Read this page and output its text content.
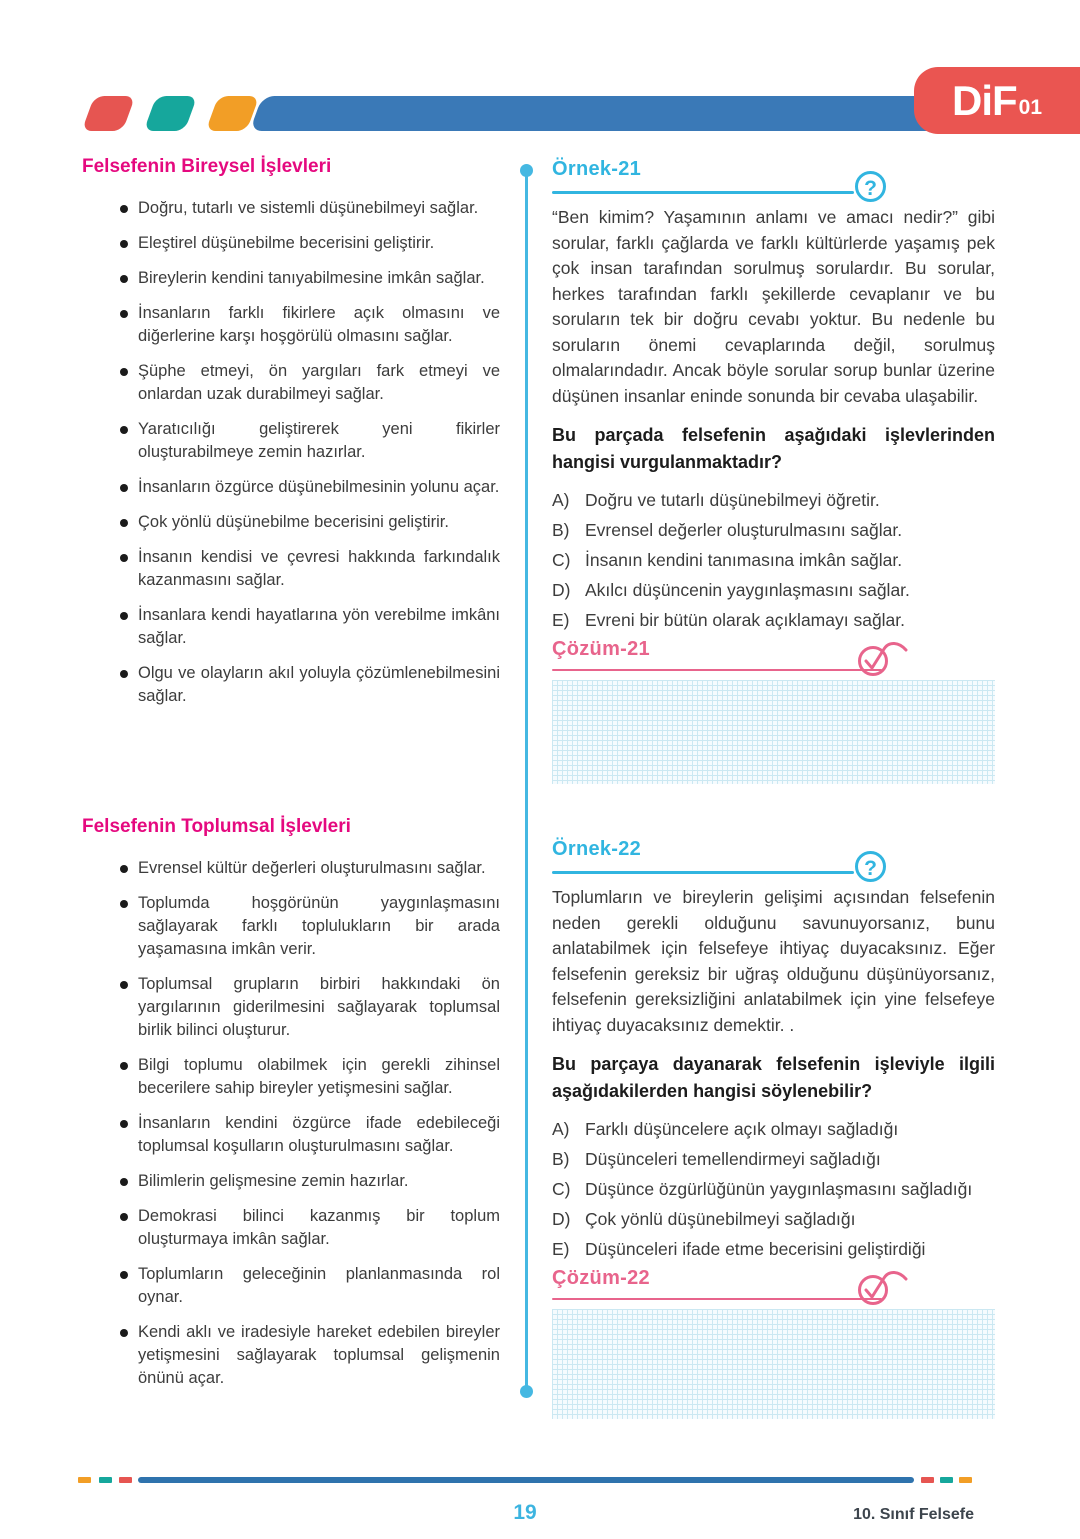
DiF 01
Felsefenin Bireysel İşlevleri
Doğru, tutarlı ve sistemli düşünebilmeyi sağlar.
Eleştirel düşünebilme becerisini geliştirir.
Bireylerin kendini tanıyabilmesine imkân sağlar.
İnsanların farklı fikirlere açık olmasını ve diğerlerine karşı hoşgörülü olmasını sağlar.
Şüphe etmeyi, ön yargıları fark etmeyi ve onlardan uzak durabilmeyi sağlar.
Yaratıcılığı geliştirerek yeni fikirler oluşturabilmeye zemin hazırlar.
İnsanların özgürce düşünebilmesinin yolunu açar.
Çok yönlü düşünebilme becerisini geliştirir.
İnsanın kendisi ve çevresi hakkında farkındalık kazanmasını sağlar.
İnsanlara kendi hayatlarına yön verebilme imkânı sağlar.
Olgu ve olayların akıl yoluyla çözümlenebilmesini sağlar.
Felsefenin Toplumsal İşlevleri
Evrensel kültür değerleri oluşturulmasını sağlar.
Toplumda hoşgörünün yaygınlaşmasını sağlayarak farklı toplulukların bir arada yaşamasına imkân verir.
Toplumsal grupların birbiri hakkındaki ön yargılarının giderilmesini sağlayarak toplumsal birlik bilinci oluşturur.
Bilgi toplumu olabilmek için gerekli zihinsel becerilere sahip bireyler yetişmesini sağlar.
İnsanların kendini özgürce ifade edebileceği toplumsal koşulların oluşturulmasını sağlar.
Bilimlerin gelişmesine zemin hazırlar.
Demokrasi bilinci kazanmış bir toplum oluşturmaya imkân sağlar.
Toplumların geleceğinin planlanmasında rol oynar.
Kendi aklı ve iradesiyle hareket edebilen bireyler yetişmesini sağlayarak toplumsal gelişmenin önünü açar.
Örnek-21
?

“Ben kimim? Yaşamının anlamı ve amacı nedir?” gibi sorular, farklı çağlarda ve farklı kültürlerde yaşamış pek çok insan tarafından sorulmuş sorulardır. Bu sorular, herkes tarafından farklı şekillerde cevaplanır ve bu soruların tek bir doğru cevabı yoktur. Bu nedenle bu soruların önemi cevaplarında değil, sorulmuş olmalarındadır. Ancak böyle sorular sorup bunlar üzerine düşünen insanlar eninde sonunda bir cevaba ulaşabilir.

Bu parçada felsefenin aşağıdaki işlevlerinden hangisi vurgulanmaktadır?

A) Doğru ve tutarlı düşünebilmeyi öğretir.
B) Evrensel değerler oluşturulmasını sağlar.
C) İnsanın kendini tanımasına imkân sağlar.
D) Akılcı düşüncenin yaygınlaşmasını sağlar.
E) Evreni bir bütün olarak açıklamayı sağlar.
Çözüm-21
Örnek-22
?

Toplumların ve bireylerin gelişimi açısından felsefenin neden gerekli olduğunu savunuyorsanız, bunu anlatabilmek için felsefeye ihtiyaç duyacaksınız. Eğer felsefenin gereksiz bir uğraş olduğunu düşünüyorsanız, felsefenin gereksizliğini anlatabilmek için yine felsefeye ihtiyaç duyacaksınız demektir. .

Bu parçaya dayanarak felsefenin işleviyle ilgili aşağıdakilerden hangisi söylenebilir?

A) Farklı düşüncelere açık olmayı sağladığı
B) Düşünceleri temellendirmeyi sağladığı
C) Düşünce özgürlüğünün yaygınlaşmasını sağladığı
D) Çok yönlü düşünebilmeyi sağladığı
E) Düşünceleri ifade etme becerisini geliştirdiği
Çözüm-22
19	10. Sınıf Felsefe
